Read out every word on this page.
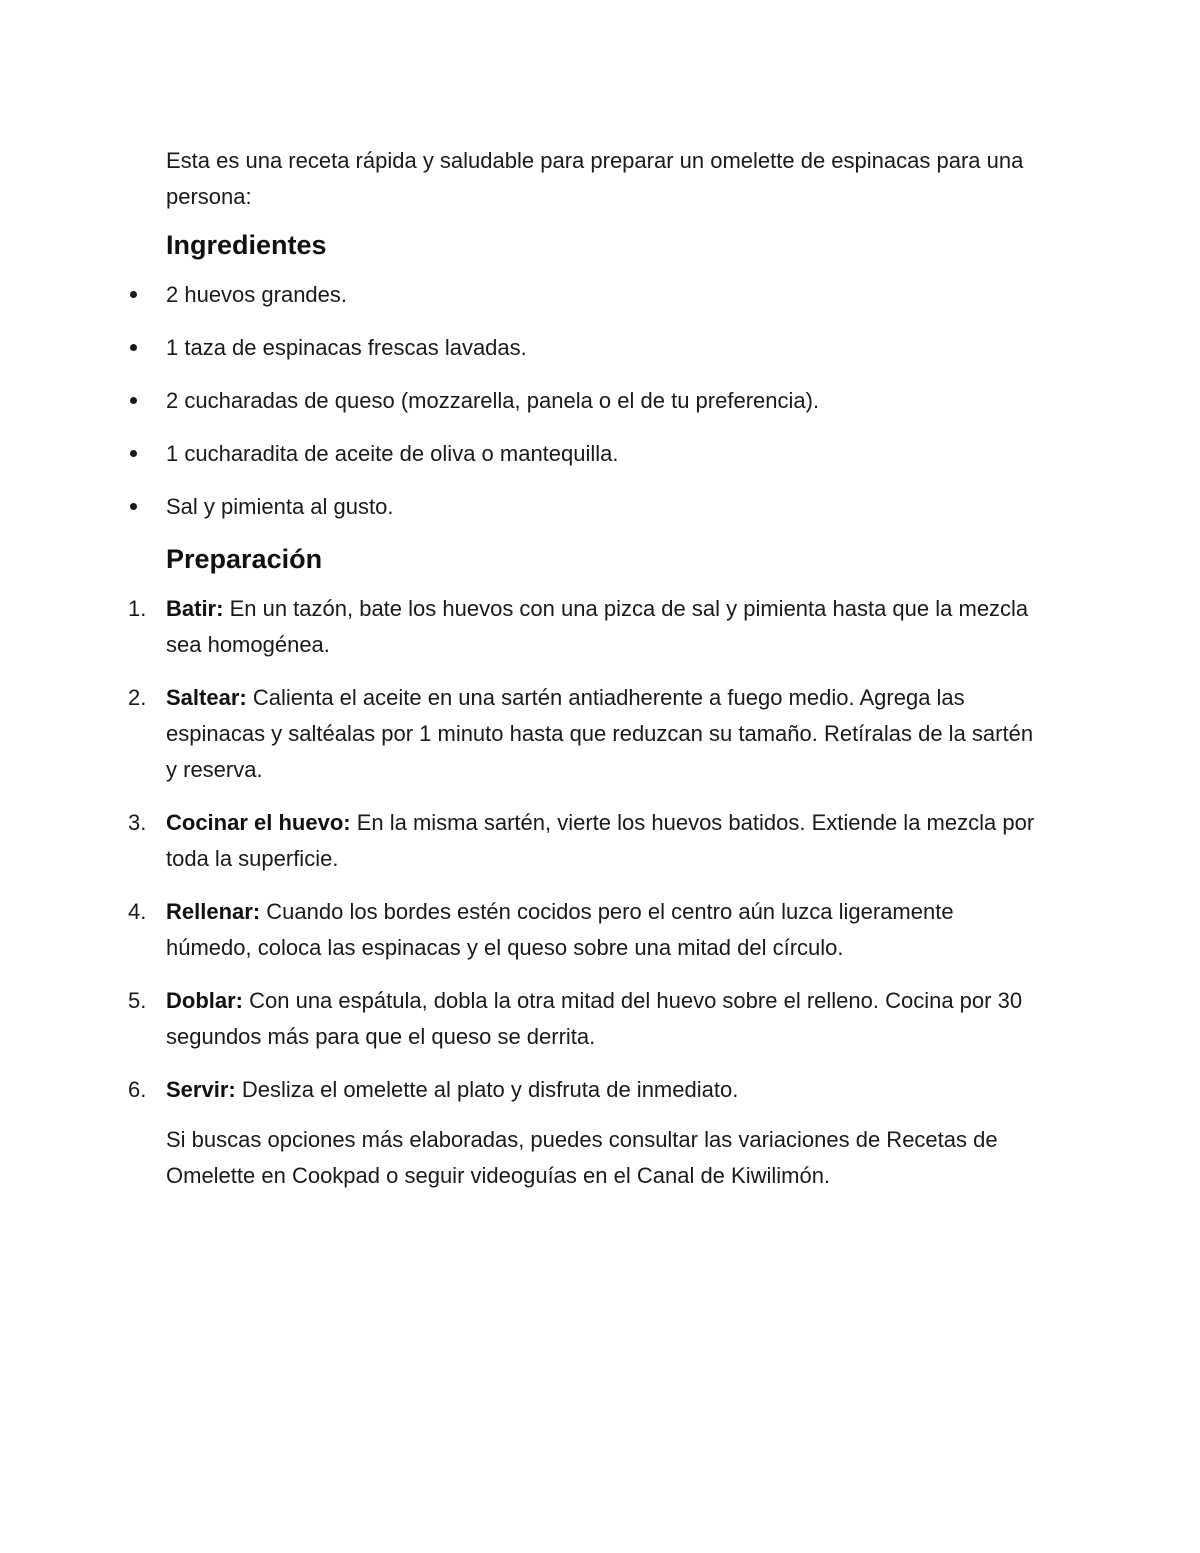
Esta es una receta rápida y saludable para preparar un omelette de espinacas para una persona:

Ingredientes
2 huevos grandes.
1 taza de espinacas frescas lavadas.
2 cucharadas de queso (mozzarella, panela o el de tu preferencia).
1 cucharadita de aceite de oliva o mantequilla.
Sal y pimienta al gusto.
Preparación
1. Batir: En un tazón, bate los huevos con una pizca de sal y pimienta hasta que la mezcla sea homogénea.
2. Saltear: Calienta el aceite en una sartén antiadherente a fuego medio. Agrega las espinacas y saltéalas por 1 minuto hasta que reduzcan su tamaño. Retíralas de la sartén y reserva.
3. Cocinar el huevo: En la misma sartén, vierte los huevos batidos. Extiende la mezcla por toda la superficie.
4. Rellenar: Cuando los bordes estén cocidos pero el centro aún luzca ligeramente húmedo, coloca las espinacas y el queso sobre una mitad del círculo.
5. Doblar: Con una espátula, dobla la otra mitad del huevo sobre el relleno. Cocina por 30 segundos más para que el queso se derrita.
6. Servir: Desliza el omelette al plato y disfruta de inmediato.

Si buscas opciones más elaboradas, puedes consultar las variaciones de Recetas de Omelette en Cookpad o seguir videoguías en el Canal de Kiwilimón.
